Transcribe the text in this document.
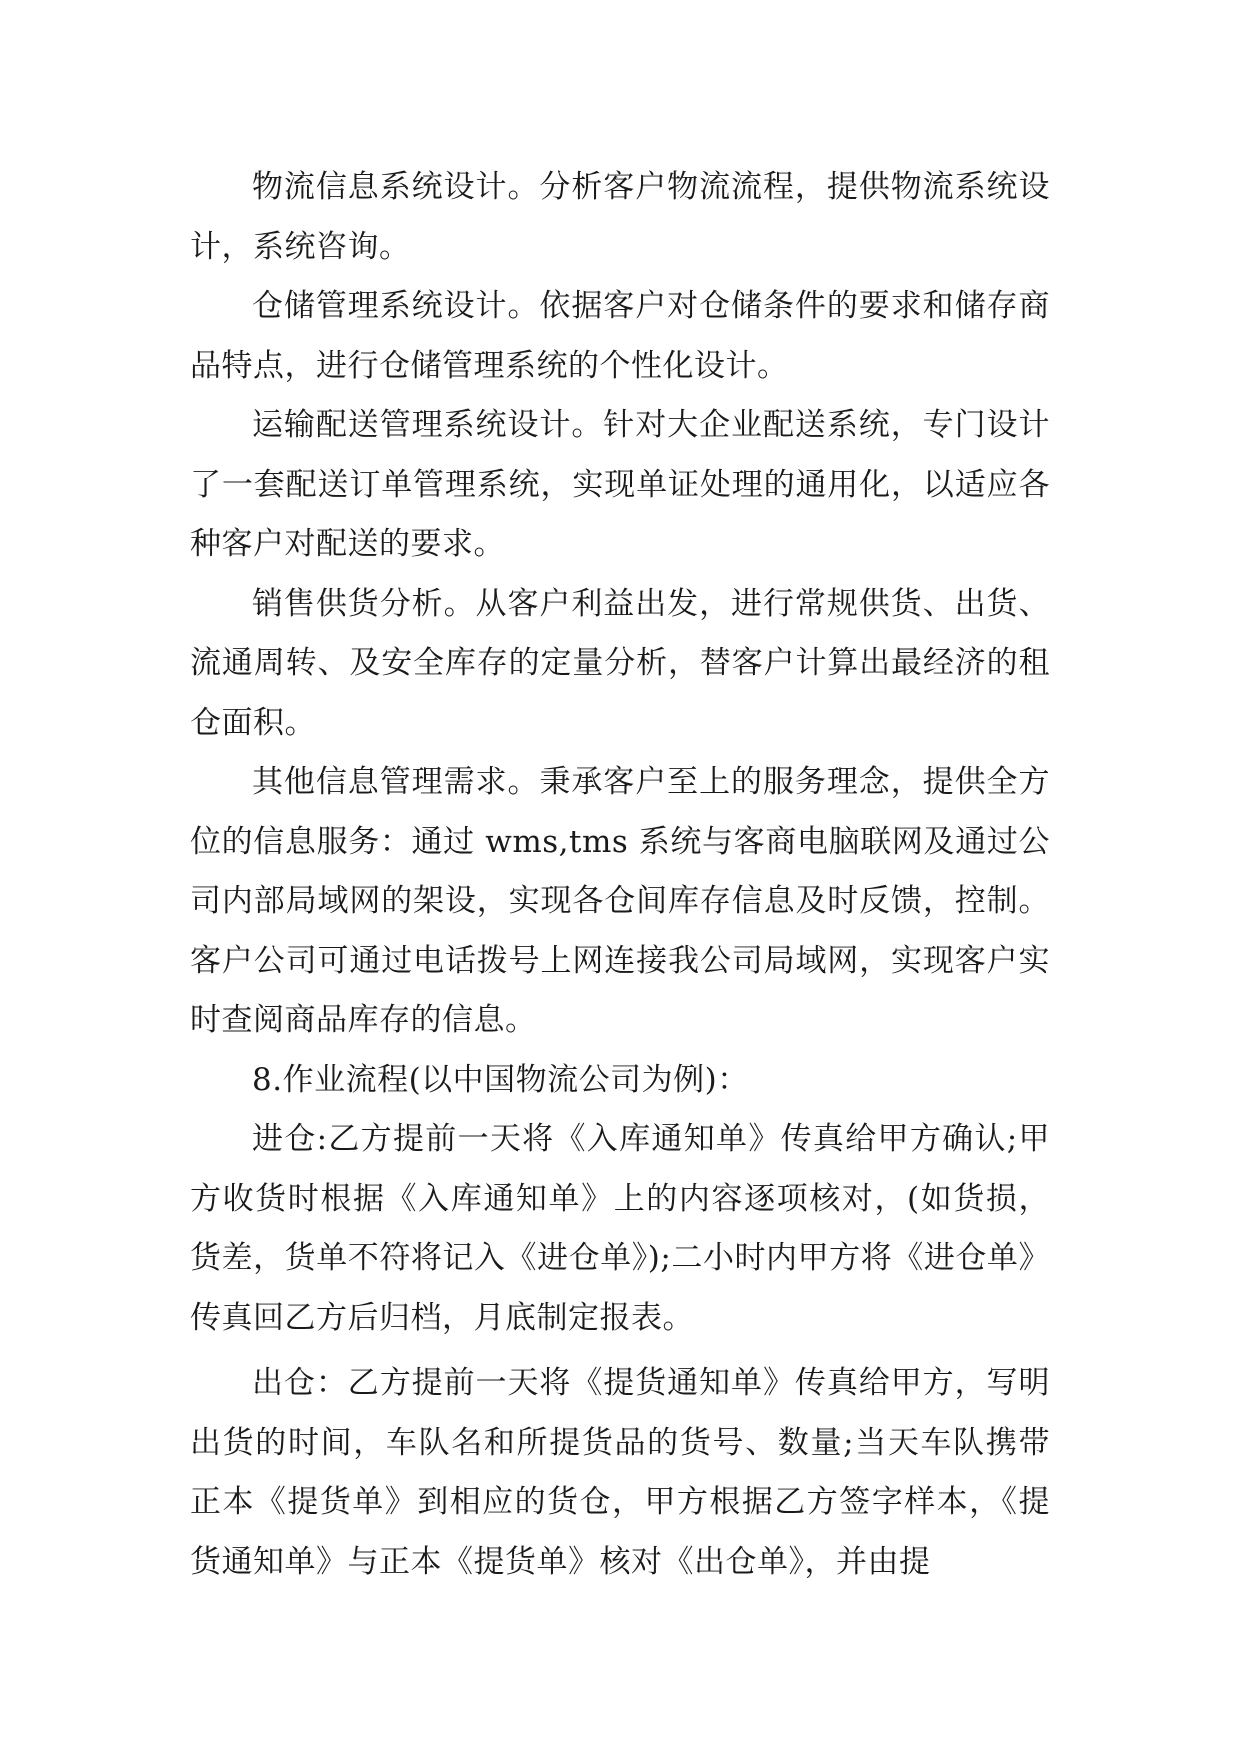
物流信息系统设计。分析客户物流流程，提供物流系统设计，系统咨询。

仓储管理系统设计。依据客户对仓储条件的要求和储存商品特点，进行仓储管理系统的个性化设计。

运输配送管理系统设计。针对大企业配送系统，专门设计了一套配送订单管理系统，实现单证处理的通用化，以适应各种客户对配送的要求。

销售供货分析。从客户利益出发，进行常规供货、出货、流通周转、及安全库存的定量分析，替客户计算出最经济的租仓面积。

其他信息管理需求。秉承客户至上的服务理念，提供全方位的信息服务：通过 wms,tms 系统与客商电脑联网及通过公司内部局域网的架设，实现各仓间库存信息及时反馈，控制。客户公司可通过电话拨号上网连接我公司局域网，实现客户实时查阅商品库存的信息。

8.作业流程(以中国物流公司为例)：

进仓:乙方提前一天将《入库通知单》传真给甲方确认;甲方收货时根据《入库通知单》上的内容逐项核对，(如货损，货差，货单不符将记入《进仓单》);二小时内甲方将《进仓单》传真回乙方后归档，月底制定报表。

出仓：乙方提前一天将《提货通知单》传真给甲方，写明出货的时间，车队名和所提货品的货号、数量;当天车队携带正本《提货单》到相应的货仓，甲方根据乙方签字样本，《提货通知单》与正本《提货单》核对《出仓单》，并由提
